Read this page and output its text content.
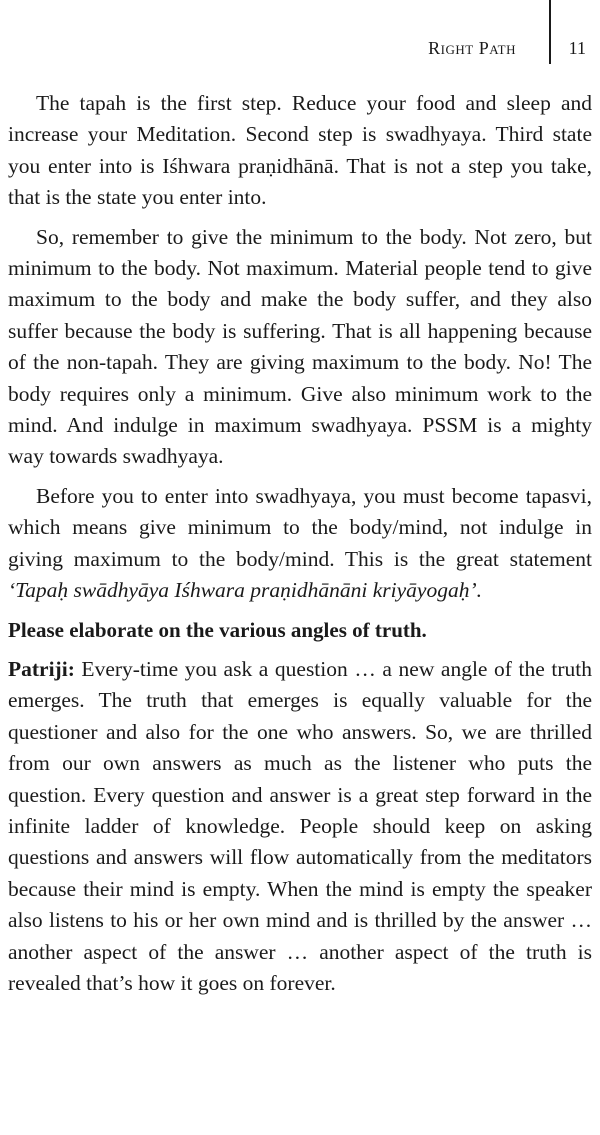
Right Path	11

The tapah is the first step. Reduce your food and sleep and increase your Meditation. Second step is swadhyaya. Third state you enter into is Iśhwara praṇidhānā. That is not a step you take, that is the state you enter into.

So, remember to give the minimum to the body. Not zero, but minimum to the body. Not maximum. Material people tend to give maximum to the body and make the body suffer, and they also suffer because the body is suffering. That is all happening because of the non-tapah. They are giving maximum to the body. No! The body requires only a minimum. Give also minimum work to the mind. And indulge in maximum swadhyaya. PSSM is a mighty way towards swadhyaya.

Before you to enter into swadhyaya, you must become tapasvi, which means give minimum to the body/mind, not indulge in giving maximum to the body/mind. This is the great statement ‘Tapaḥ swādhyāya Iśhwara praṇidhānāni kriyāyogaḥ’.

Please elaborate on the various angles of truth.

Patriji: Every-time you ask a question … a new angle of the truth emerges. The truth that emerges is equally valuable for the questioner and also for the one who answers. So, we are thrilled from our own answers as much as the listener who puts the question. Every question and answer is a great step forward in the infinite ladder of knowledge. People should keep on asking questions and answers will flow automatically from the meditators because their mind is empty. When the mind is empty the speaker also listens to his or her own mind and is thrilled by the answer … another aspect of the answer … another aspect of the truth is revealed that’s how it goes on forever.
